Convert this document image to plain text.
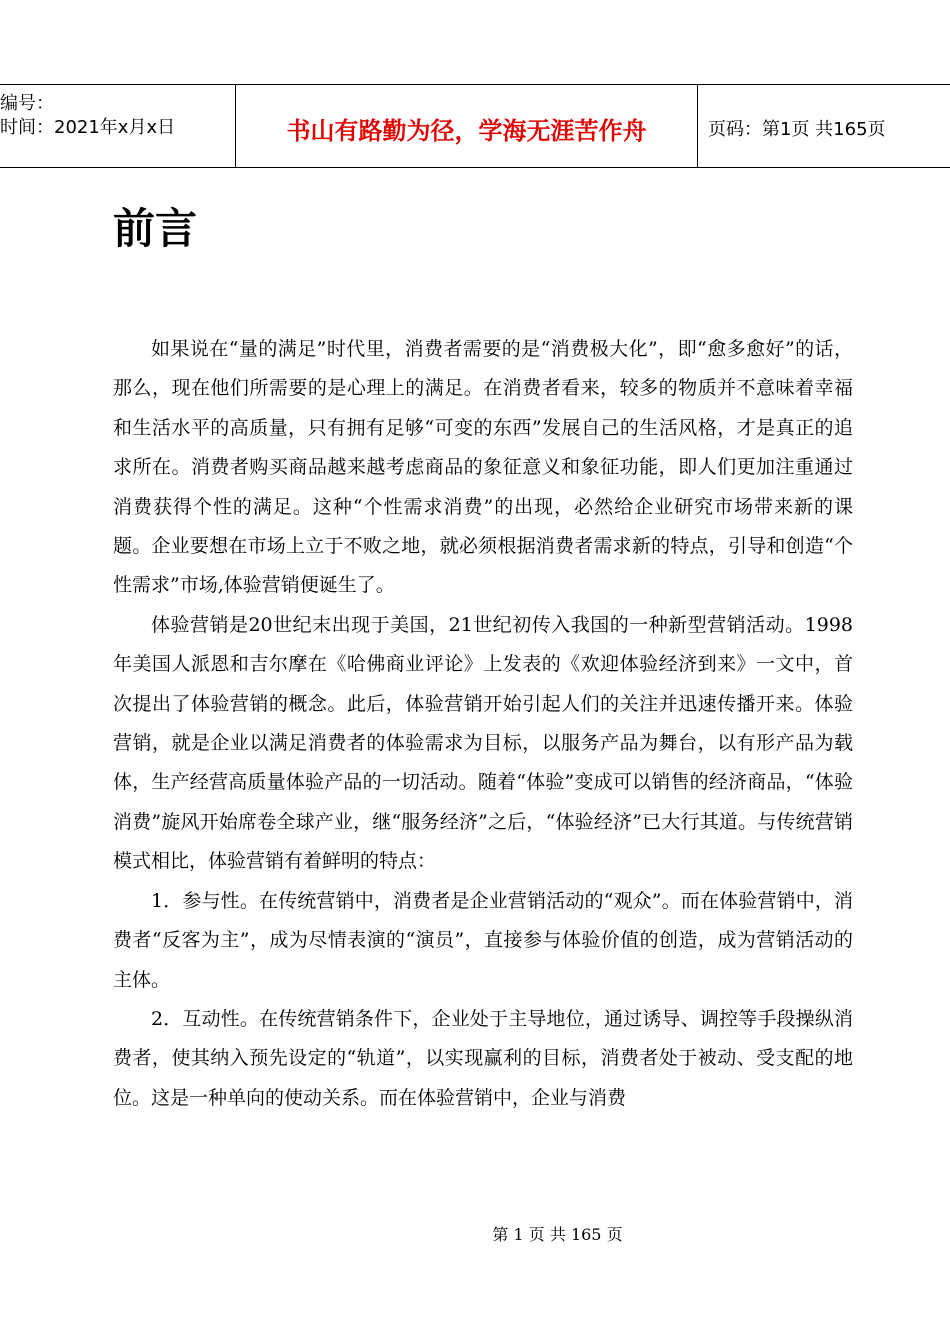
编号：
时间：2021年x月x日	书山有路勤为径，学海无涯苦作舟	页码：第1页 共165页
前言

如果说在“量的满足”时代里，消费者需要的是“消费极大化”，即“愈多愈好”的话，那么，现在他们所需要的是心理上的满足。在消费者看来，较多的物质并不意味着幸福和生活水平的高质量，只有拥有足够“可变的东西”发展自己的生活风格，才是真正的追求所在。消费者购买商品越来越考虑商品的象征意义和象征功能，即人们更加注重通过消费获得个性的满足。这种“个性需求消费”的出现，必然给企业研究市场带来新的课题。企业要想在市场上立于不败之地，就必须根据消费者需求新的特点，引导和创造“个性需求”市场,体验营销便诞生了。

体验营销是20世纪末出现于美国，21世纪初传入我国的一种新型营销活动。1998年美国人派恩和吉尔摩在《哈佛商业评论》上发表的《欢迎体验经济到来》一文中，首次提出了体验营销的概念。此后，体验营销开始引起人们的关注并迅速传播开来。体验营销，就是企业以满足消费者的体验需求为目标，以服务产品为舞台，以有形产品为载体，生产经营高质量体验产品的一切活动。随着“体验”变成可以销售的经济商品，“体验消费”旋风开始席卷全球产业，继“服务经济”之后，“体验经济”已大行其道。与传统营销模式相比，体验营销有着鲜明的特点：

1．参与性。在传统营销中，消费者是企业营销活动的“观众”。而在体验营销中，消费者“反客为主”，成为尽情表演的“演员”，直接参与体验价值的创造，成为营销活动的主体。

2．互动性。在传统营销条件下，企业处于主导地位，通过诱导、调控等手段操纵消费者，使其纳入预先设定的“轨道”，以实现赢利的目标，消费者处于被动、受支配的地位。这是一种单向的使动关系。而在体验营销中，企业与消费

第 1 页 共 165 页
